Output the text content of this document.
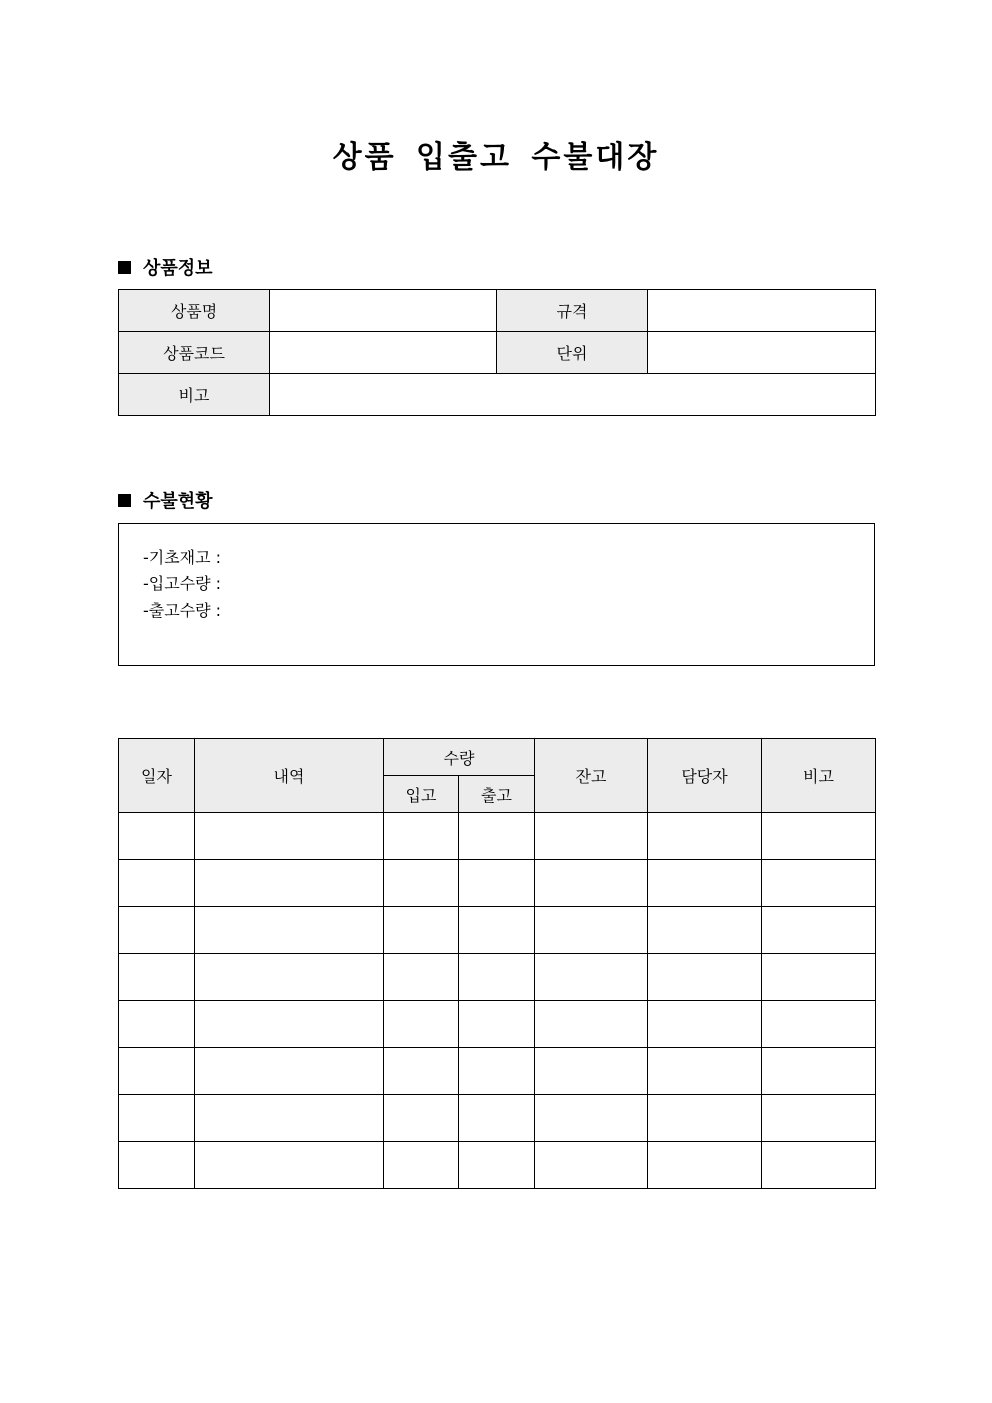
상품 입출고 수불대장
상품정보
상품명		규격	
상품코드		단위	
비고			
수불현황
-기초재고 :
-입고수량 :
-출고수량 :
일자	내역	수량		잔고	담당자	비고
		입고	출고			
